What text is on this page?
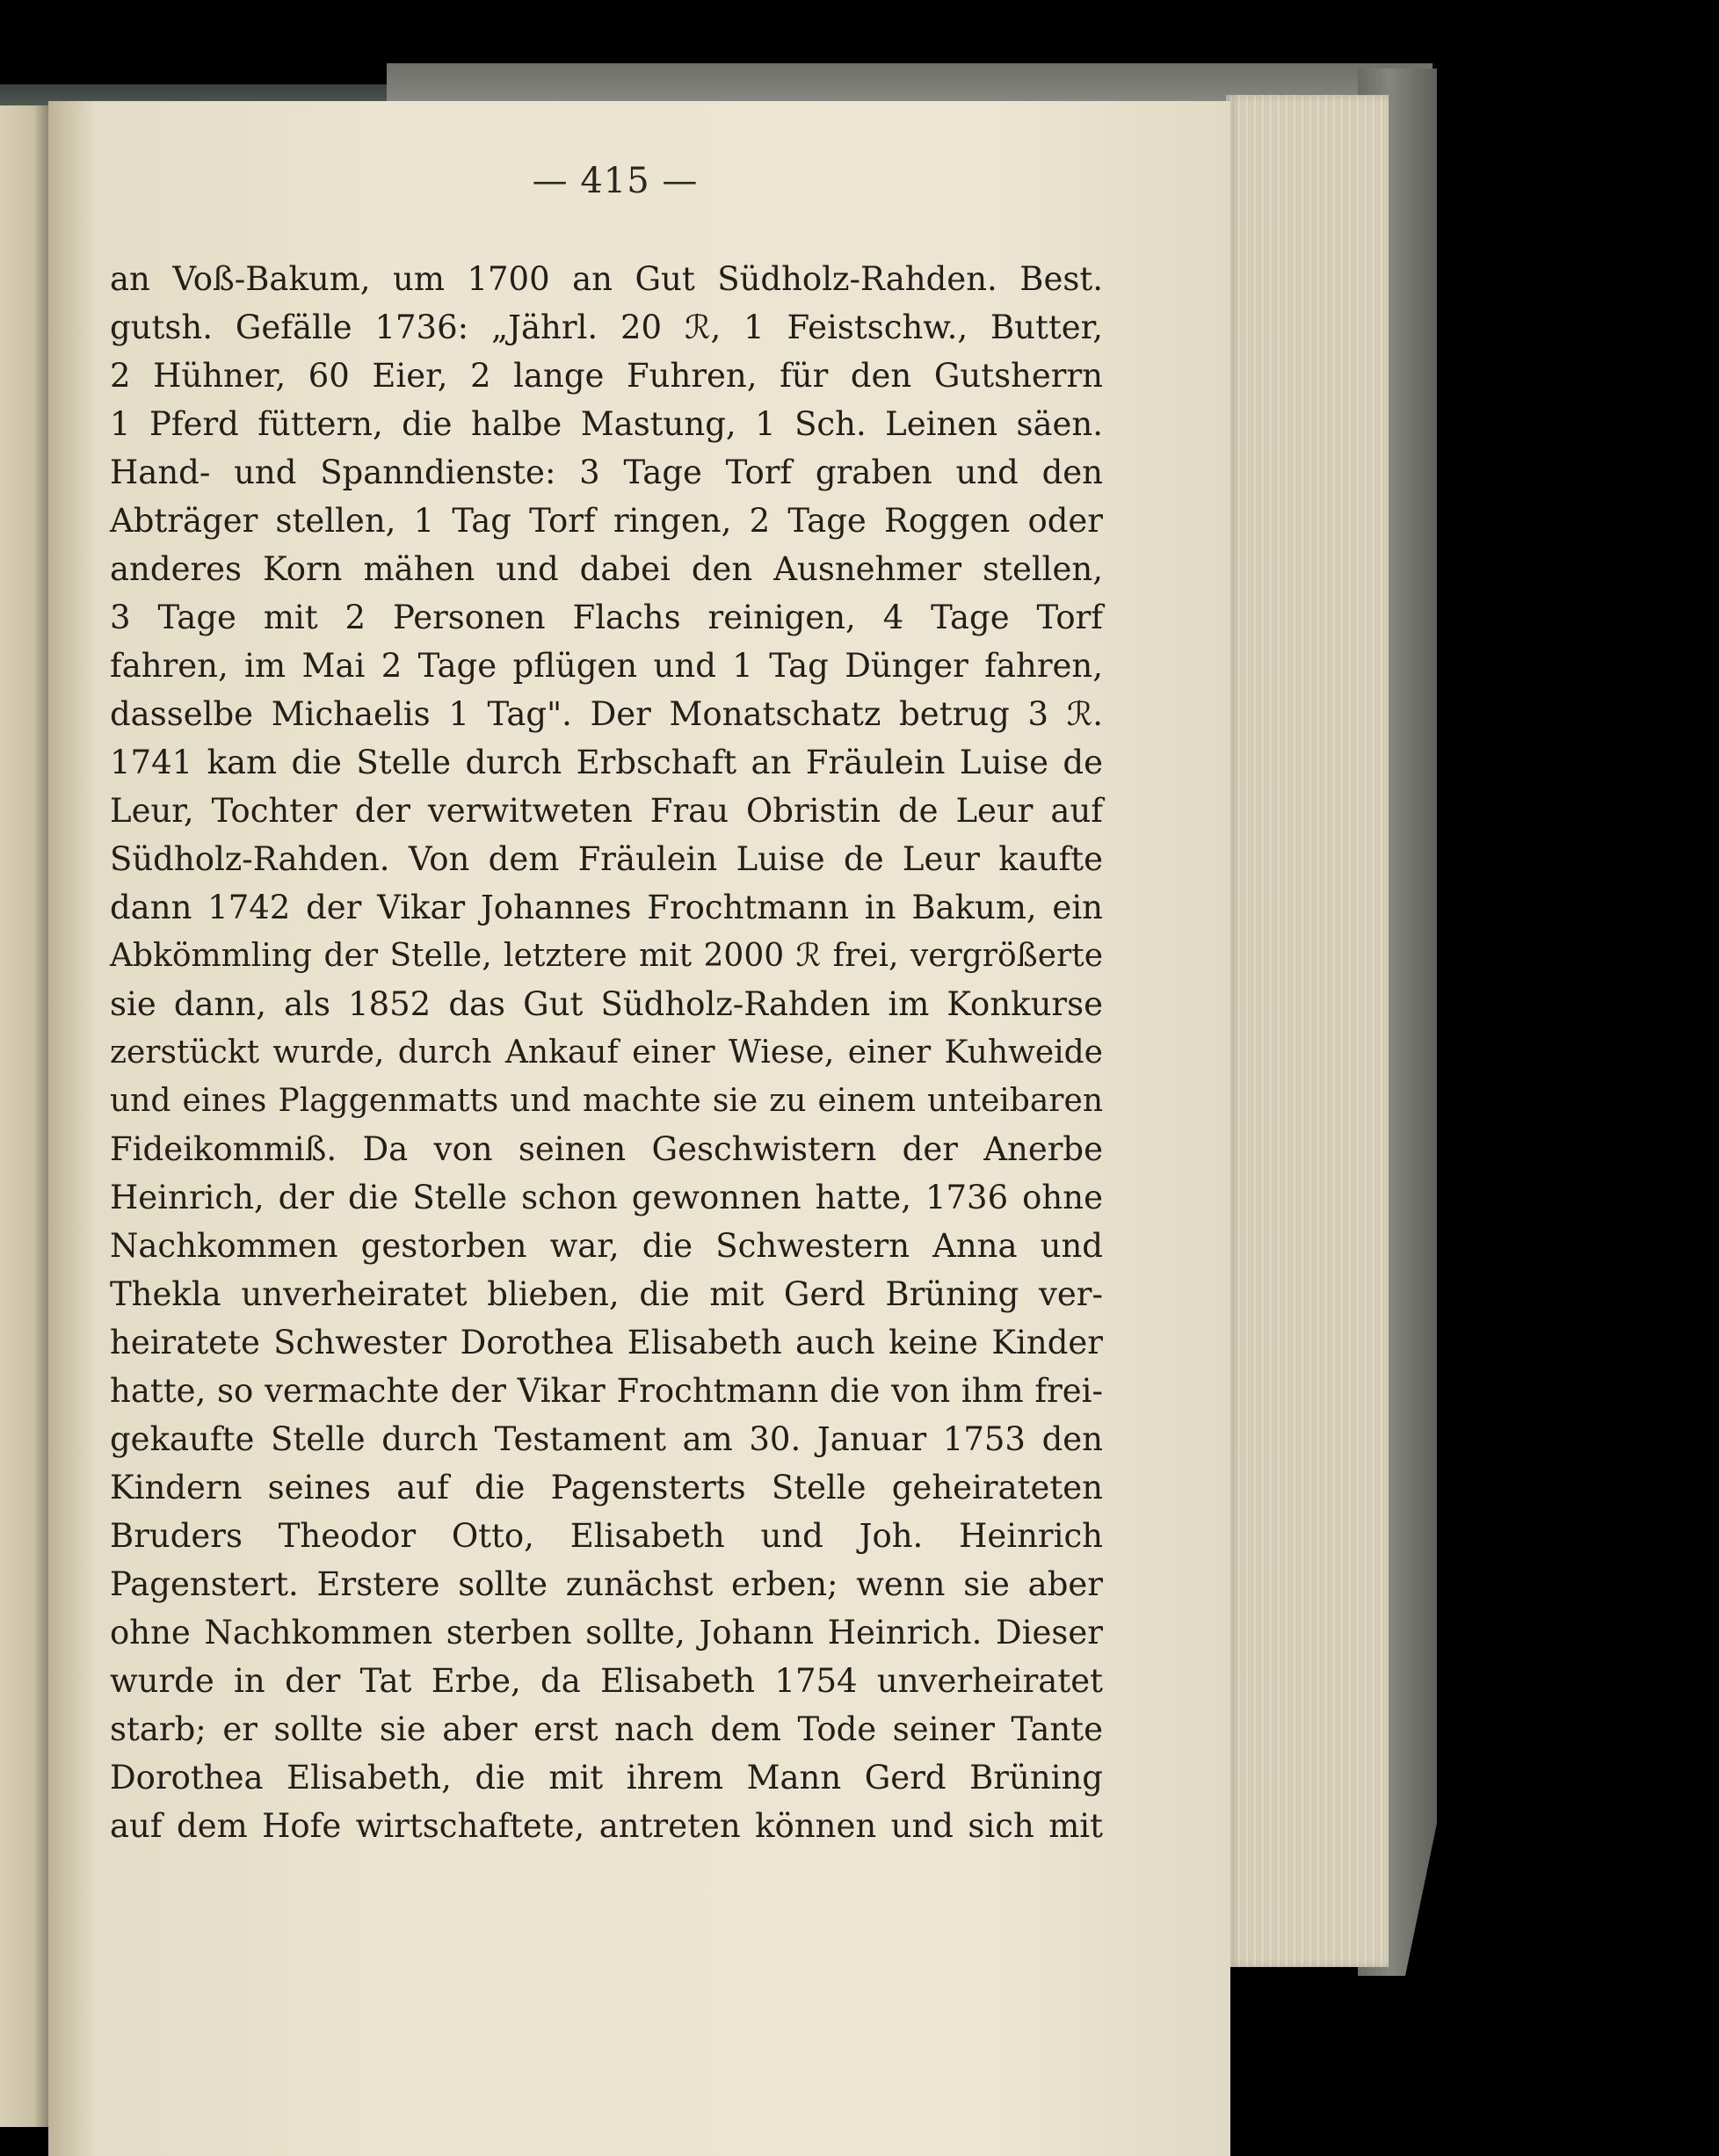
— 415 —
an Voß-Bakum, um 1700 an Gut Südholz-Rahden. Best.
gutsh. Gefälle 1736: „Jährl. 20 ℛ, 1 Feistschw., Butter,
2 Hühner, 60 Eier, 2 lange Fuhren, für den Gutsherrn
1 Pferd füttern, die halbe Mastung, 1 Sch. Leinen säen.
Hand- und Spanndienste: 3 Tage Torf graben und den
Abträger stellen, 1 Tag Torf ringen, 2 Tage Roggen oder
anderes Korn mähen und dabei den Ausnehmer stellen,
3 Tage mit 2 Personen Flachs reinigen, 4 Tage Torf
fahren, im Mai 2 Tage pflügen und 1 Tag Dünger fahren,
dasselbe Michaelis 1 Tag". Der Monatschatz betrug 3 ℛ.
1741 kam die Stelle durch Erbschaft an Fräulein Luise de
Leur, Tochter der verwitweten Frau Obristin de Leur auf
Südholz-Rahden. Von dem Fräulein Luise de Leur kaufte
dann 1742 der Vikar Johannes Frochtmann in Bakum, ein
Abkömmling der Stelle, letztere mit 2000 ℛ frei, vergrößerte
sie dann, als 1852 das Gut Südholz-Rahden im Konkurse
zerstückt wurde, durch Ankauf einer Wiese, einer Kuhweide
und eines Plaggenmatts und machte sie zu einem unteibaren
Fideikommiß. Da von seinen Geschwistern der Anerbe
Heinrich, der die Stelle schon gewonnen hatte, 1736 ohne
Nachkommen gestorben war, die Schwestern Anna und
Thekla unverheiratet blieben, die mit Gerd Brüning ver-
heiratete Schwester Dorothea Elisabeth auch keine Kinder
hatte, so vermachte der Vikar Frochtmann die von ihm frei-
gekaufte Stelle durch Testament am 30. Januar 1753 den
Kindern seines auf die Pagensterts Stelle geheirateten
Bruders Theodor Otto, Elisabeth und Joh. Heinrich
Pagenstert. Erstere sollte zunächst erben; wenn sie aber
ohne Nachkommen sterben sollte, Johann Heinrich. Dieser
wurde in der Tat Erbe, da Elisabeth 1754 unverheiratet
starb; er sollte sie aber erst nach dem Tode seiner Tante
Dorothea Elisabeth, die mit ihrem Mann Gerd Brüning
auf dem Hofe wirtschaftete, antreten können und sich mit
